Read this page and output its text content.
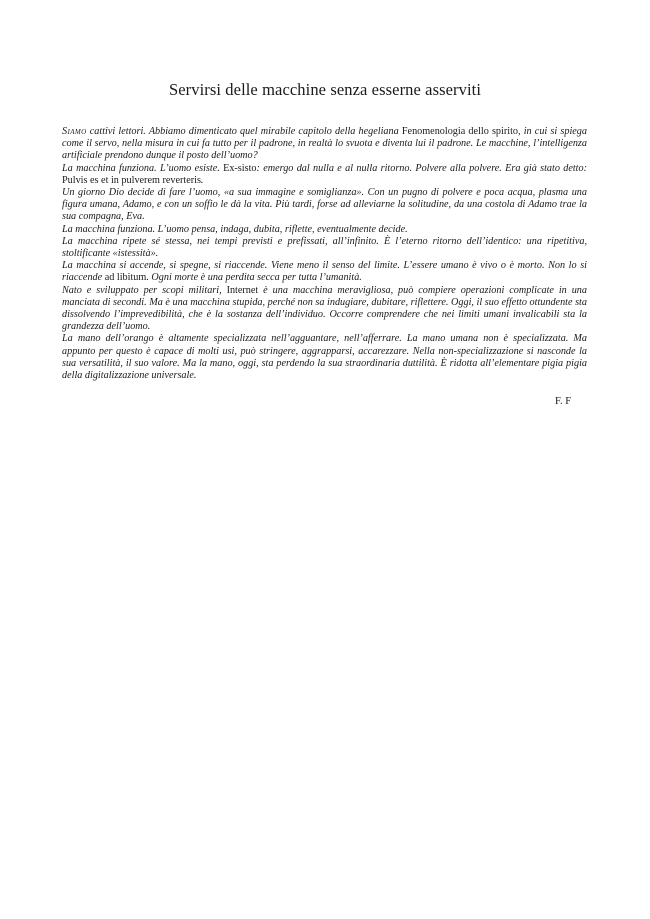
Servirsi delle macchine senza esserne asserviti

Siamo cattivi lettori. Abbiamo dimenticato quel mirabile capitolo della hegeliana Fenomenologia dello spirito, in cui si spiega come il servo, nella misura in cui fa tutto per il padrone, in realtà lo svuota e diventa lui il padrone. Le macchine, l’intelligenza artificiale prendono dunque il posto dell’uomo?

La macchina funziona. L’uomo esiste. Ex-sisto: emergo dal nulla e al nulla ritorno. Polvere alla polvere. Era già stato detto: Pulvis es et in pulverem reverteris.

Un giorno Dio decide di fare l’uomo, «a sua immagine e somiglianza». Con un pugno di polvere e poca acqua, plasma una figura umana, Adamo, e con un soffio le dà la vita. Più tardi, forse ad alleviarne la solitudine, da una costola di Adamo trae la sua compagna, Eva.

La macchina funziona. L’uomo pensa, indaga, dubita, riflette, eventualmente decide.

La macchina ripete sé stessa, nei tempi previsti e prefissati, all’infinito. È l’eterno ritorno dell’identico: una ripetitiva, stoltificante «istessità».

La macchina si accende, si spegne, si riaccende. Viene meno il senso del limite. L’essere umano è vivo o è morto. Non lo si riaccende ad libitum. Ogni morte è una perdita secca per tutta l’umanità.

Nato e sviluppato per scopi militari, Internet è una macchina meravigliosa, può compiere operazioni complicate in una manciata di secondi. Ma è una macchina stupida, perché non sa indugiare, dubitare, riflettere. Oggi, il suo effetto ottundente sta dissolvendo l’imprevedibilità, che è la sostanza dell’individuo. Occorre comprendere che nei limiti umani invalicabili sta la grandezza dell’uomo.

La mano dell’orango è altamente specializzata nell’agguantare, nell’afferrare. La mano umana non è specializzata. Ma appunto per questo è capace di molti usi, può stringere, aggrapparsi, accarezzare. Nella non-specializzazione si nasconde la sua versatilità, il suo valore. Ma la mano, oggi, sta perdendo la sua straordinaria duttilità. È ridotta all’elementare pigia pigia della digitalizzazione universale.

F. F
